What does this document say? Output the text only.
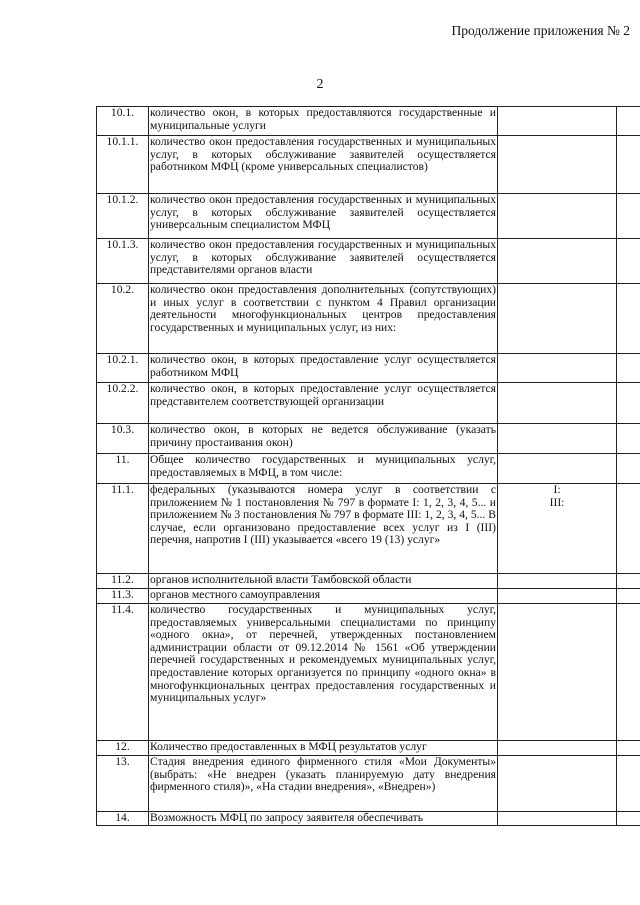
Продолжение приложения № 2
2
10.1.	количество окон, в которых предоставляются государственные и муниципальные услуги		
10.1.1.	количество окон предоставления государственных и муниципальных услуг, в которых обслуживание заявителей осуществляется работником МФЦ (кроме универсальных специалистов)		
10.1.2.	количество окон предоставления государственных и муниципальных услуг, в которых обслуживание заявителей осуществляется универсальным специалистом МФЦ		
10.1.3.	количество окон предоставления государственных и муниципальных услуг, в которых обслуживание заявителей осуществляется представителями органов власти		
10.2.	количество окон предоставления дополнительных (сопутствующих) и иных услуг в соответствии с пунктом 4 Правил организации деятельности многофункциональных центров предоставления государственных и муниципальных услуг, из них:		
10.2.1.	количество окон, в которых предоставление услуг осуществляется работником МФЦ		
10.2.2.	количество окон, в которых предоставление услуг осуществляется представителем соответствующей организации		
10.3.	количество окон, в которых не ведется обслуживание (указать причину простаивания окон)		
11.	Общее количество государственных и муниципальных услуг, предоставляемых в МФЦ, в том числе:		
11.1.	федеральных (указываются номера услуг в соответствии с приложением № 1 постановления № 797 в формате I: 1, 2, 3, 4, 5... и приложением № 3 постановления № 797 в формате III: 1, 2, 3, 4, 5... В случае, если организовано предоставление всех услуг из I (III) перечня, напротив I (III) указывается «всего 19 (13) услуг»	I:
III:	

11.2.	органов исполнительной власти Тамбовской области		
11.3.	органов местного самоуправления		
11.4.	количество государственных и муниципальных услуг, предоставляемых универсальными специалистами по принципу «одного окна», от перечней, утвержденных постановлением администрации области от 09.12.2014 № 1561 «Об утверждении перечней государственных и рекомендуемых муниципальных услуг, предоставление которых организуется по принципу «одного окна» в многофункциональных центрах предоставления государственных и муниципальных услуг»		
12.	Количество предоставленных в МФЦ результатов услуг		
13.	Стадия внедрения единого фирменного стиля «Мои Документы» (выбрать: «Не внедрен (указать планируемую дату внедрения фирменного стиля)», «На стадии внедрения», «Внедрен»)		
14.	Возможность МФЦ по запросу заявителя обеспечивать		
